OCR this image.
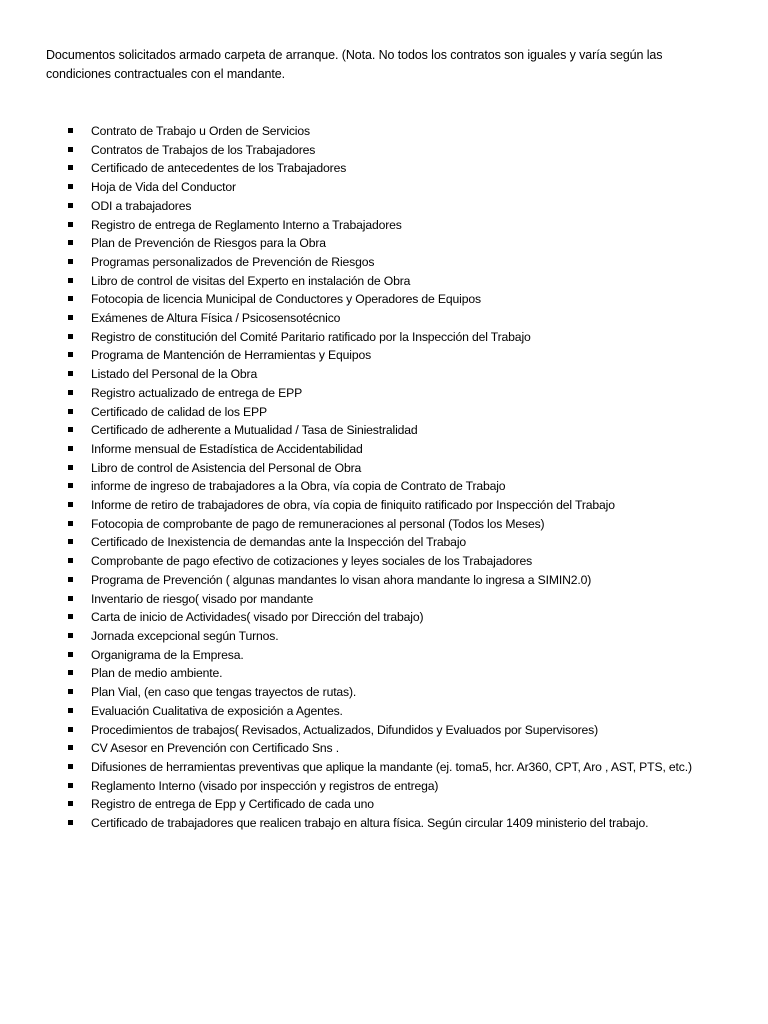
Documentos solicitados armado carpeta de arranque. (Nota. No todos los contratos son iguales y varía según las condiciones contractuales con el mandante.

Contrato de Trabajo u Orden de Servicios
Contratos de Trabajos de los Trabajadores
Certificado de antecedentes de los Trabajadores
Hoja de Vida del Conductor
ODI a trabajadores
Registro de entrega de Reglamento Interno a Trabajadores
Plan de Prevención de Riesgos para la Obra
Programas personalizados de Prevención de Riesgos
Libro de control de visitas del Experto en instalación de Obra
Fotocopia de licencia Municipal de Conductores y Operadores de Equipos
Exámenes de Altura Física / Psicosensotécnico
Registro de constitución del Comité Paritario ratificado por la Inspección del Trabajo
Programa de Mantención de Herramientas y Equipos
Listado del Personal de la Obra
Registro actualizado de entrega de EPP
Certificado de calidad de los EPP
Certificado de adherente a Mutualidad / Tasa de Siniestralidad
Informe mensual de Estadística de Accidentabilidad
Libro de control de Asistencia del Personal de Obra
informe de ingreso de trabajadores a la Obra, vía copia de Contrato de Trabajo
Informe de retiro de trabajadores de obra, vía copia de finiquito ratificado por Inspección del Trabajo
Fotocopia de comprobante de pago de remuneraciones al personal (Todos los Meses)
Certificado de Inexistencia de demandas ante la Inspección del Trabajo
Comprobante de pago efectivo de cotizaciones y leyes sociales de los Trabajadores
Programa de Prevención ( algunas mandantes lo visan ahora mandante lo ingresa a SIMIN2.0)
Inventario de riesgo( visado por mandante
Carta de inicio de Actividades( visado por Dirección del trabajo)
Jornada excepcional según Turnos.
Organigrama de la Empresa.
Plan de medio ambiente.
Plan Vial, (en caso que tengas trayectos de rutas).
Evaluación Cualitativa de exposición a Agentes.
Procedimientos de trabajos( Revisados, Actualizados, Difundidos y Evaluados por Supervisores)
CV Asesor en Prevención con Certificado Sns .
Difusiones de herramientas preventivas que aplique la mandante (ej. toma5, hcr. Ar360, CPT, Aro , AST, PTS, etc.)
Reglamento Interno (visado por inspección y registros de entrega)
Registro de entrega de Epp y Certificado de cada uno
Certificado de trabajadores que realicen trabajo en altura física. Según circular 1409 ministerio del trabajo.
